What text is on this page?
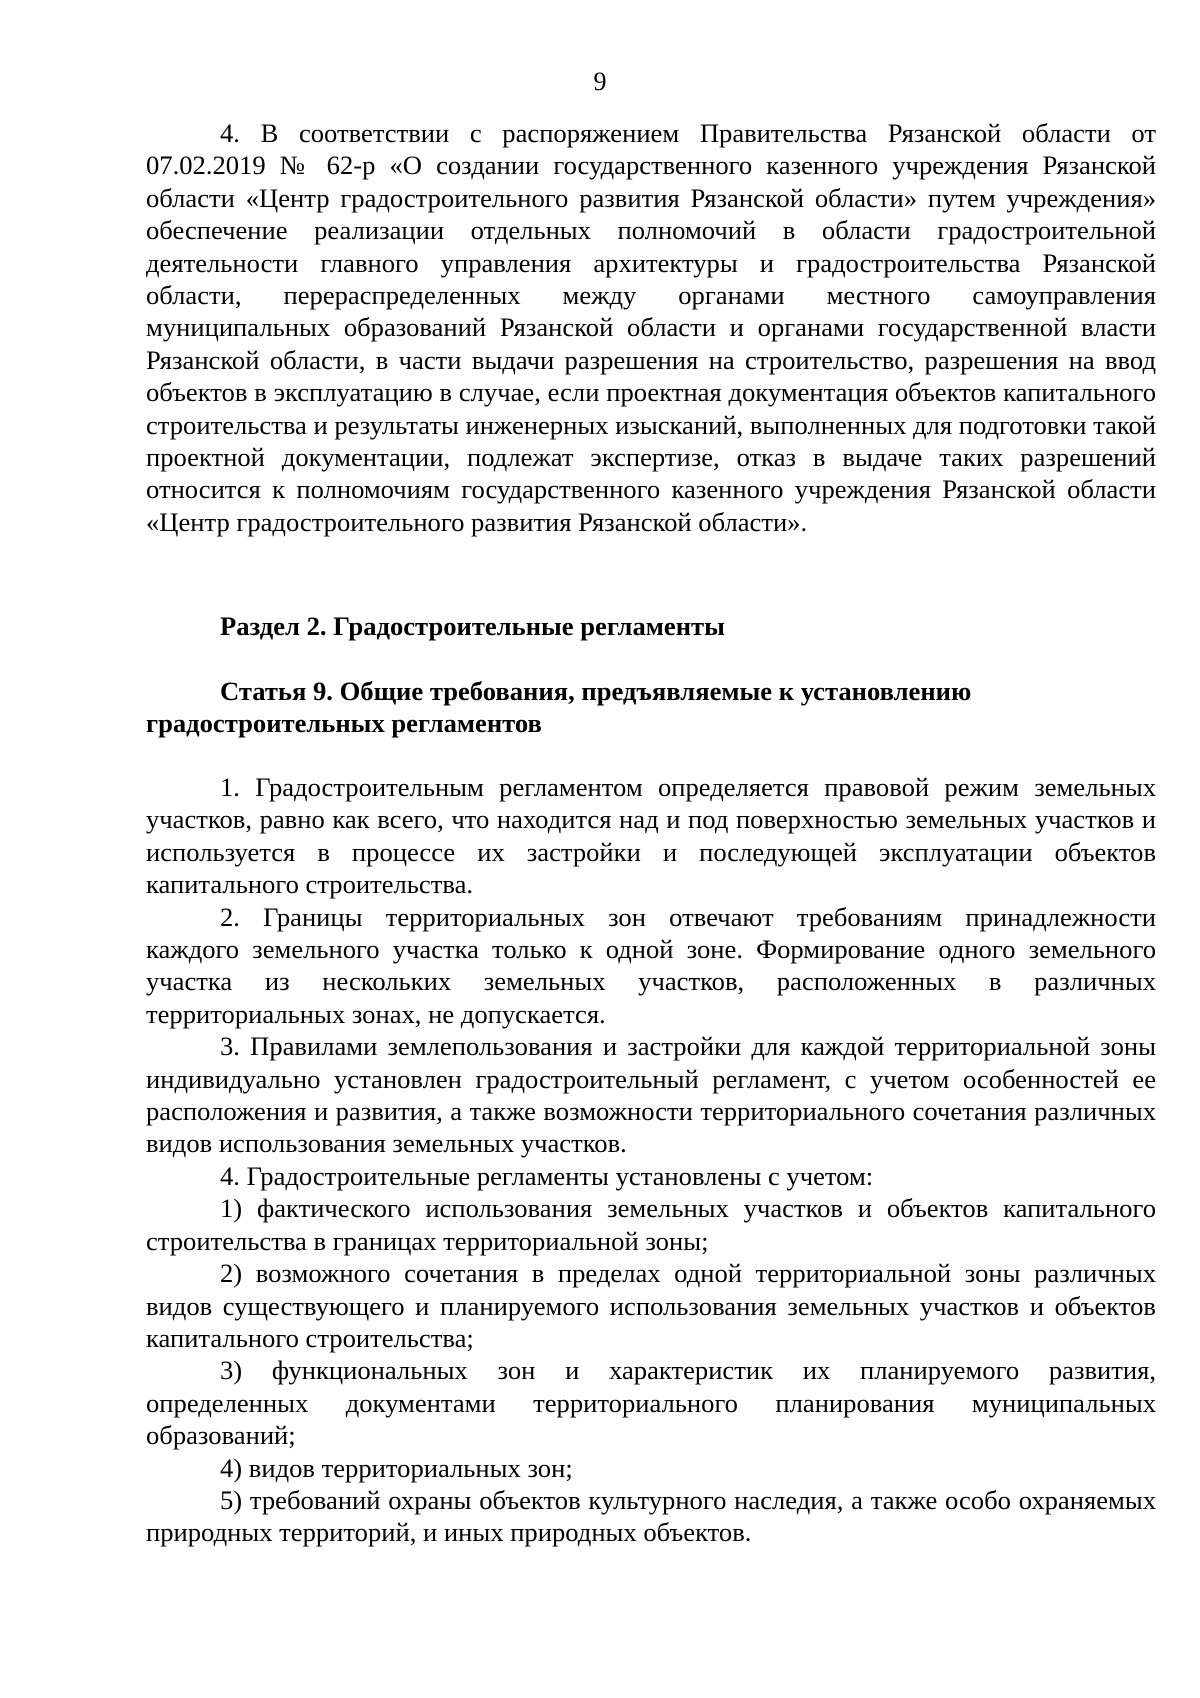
9

4. В соответствии с распоряжением Правительства Рязанской области от 07.02.2019 № 62-р «О создании государственного казенного учреждения Рязанской области «Центр градостроительного развития Рязанской области» путем учреждения» обеспечение реализации отдельных полномочий в области градостроительной деятельности главного управления архитектуры и градостроительства Рязанской области, перераспределенных между органами местного самоуправления муниципальных образований Рязанской области и органами государственной власти Рязанской области, в части выдачи разрешения на строительство, разрешения на ввод объектов в эксплуатацию в случае, если проектная документация объектов капитального строительства и результаты инженерных изысканий, выполненных для подготовки такой проектной документации, подлежат экспертизе, отказ в выдаче таких разрешений относится к полномочиям государственного казенного учреждения Рязанской области «Центр градостроительного развития Рязанской области».

Раздел 2. Градостроительные регламенты
Статья 9. Общие требования, предъявляемые к установлению градостроительных регламентов

1. Градостроительным регламентом определяется правовой режим земельных участков, равно как всего, что находится над и под поверхностью земельных участков и используется в процессе их застройки и последующей эксплуатации объектов капитального строительства.

2. Границы территориальных зон отвечают требованиям принадлежности каждого земельного участка только к одной зоне. Формирование одного земельного участка из нескольких земельных участков, расположенных в различных территориальных зонах, не допускается.

3. Правилами землепользования и застройки для каждой территориальной зоны индивидуально установлен градостроительный регламент, с учетом особенностей ее расположения и развития, а также возможности территориального сочетания различных видов использования земельных участков.

4. Градостроительные регламенты установлены с учетом:

1) фактического использования земельных участков и объектов капитального строительства в границах территориальной зоны;

2) возможного сочетания в пределах одной территориальной зоны различных видов существующего и планируемого использования земельных участков и объектов капитального строительства;

3) функциональных зон и характеристик их планируемого развития, определенных документами территориального планирования муниципальных образований;

4) видов территориальных зон;

5) требований охраны объектов культурного наследия, а также особо охраняемых природных территорий, и иных природных объектов.
